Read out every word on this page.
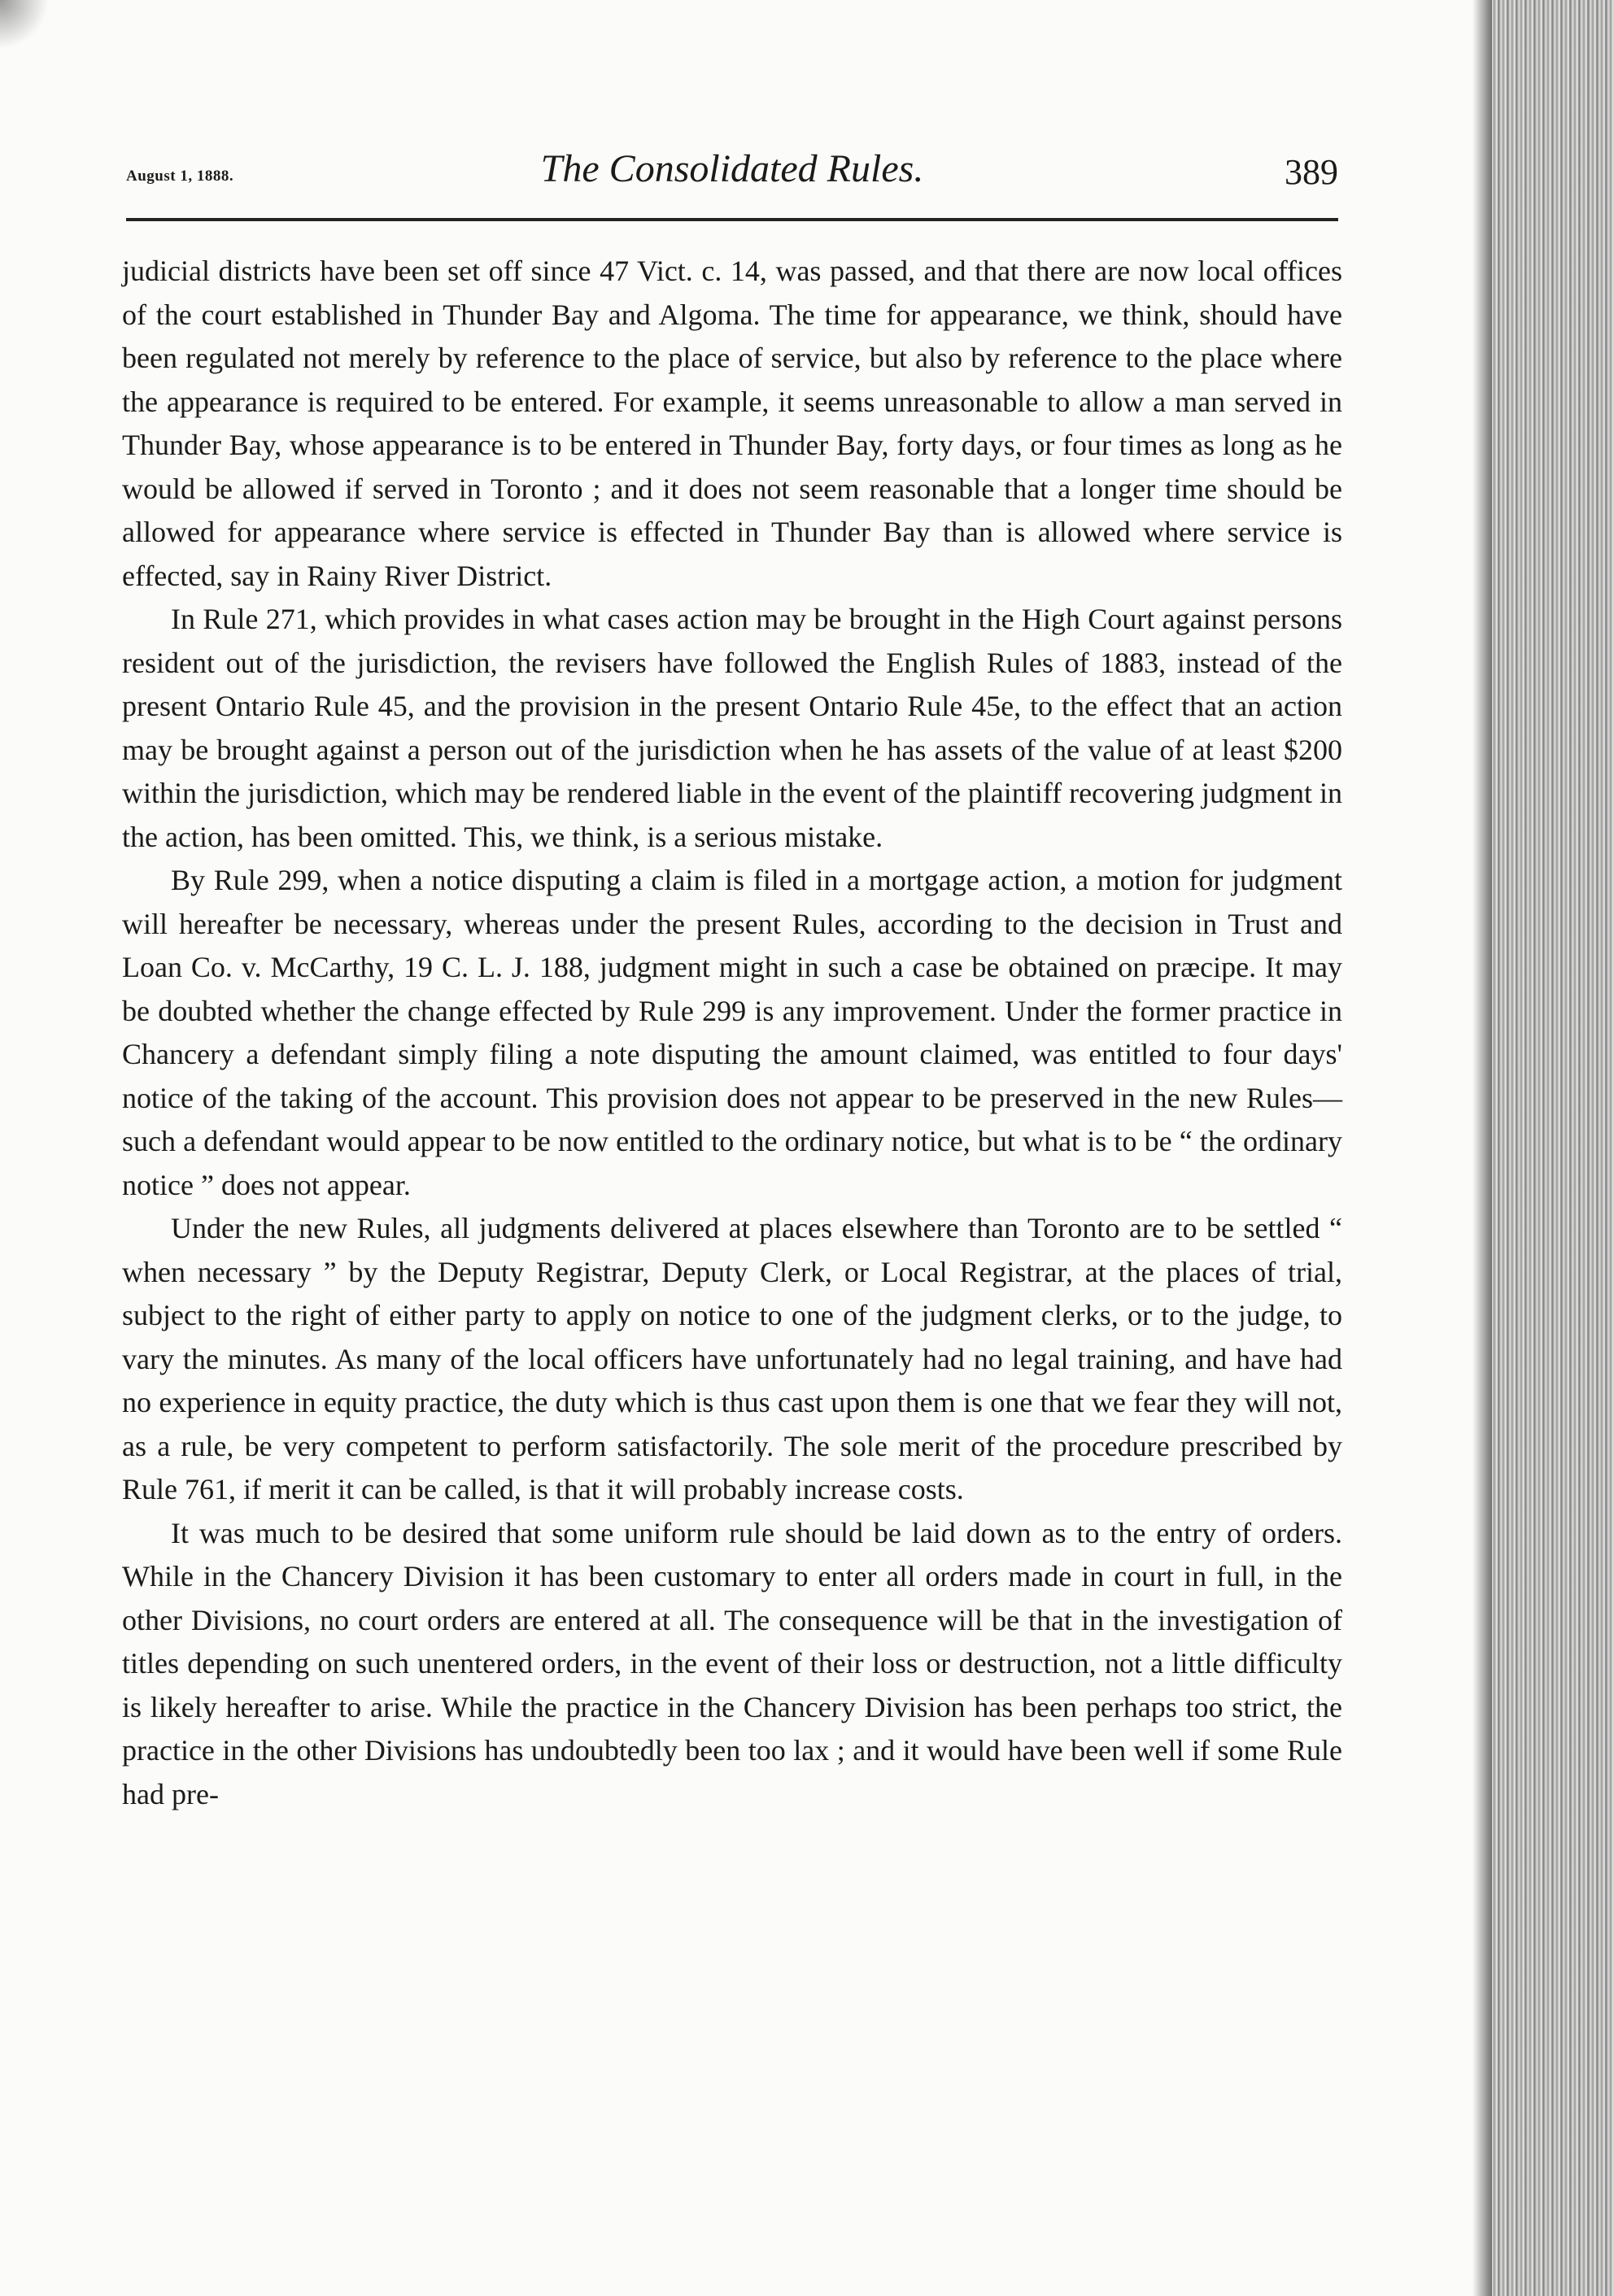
August 1, 1888.	The Consolidated Rules.	389

judicial districts have been set off since 47 Vict. c. 14, was passed, and that there are now local offices of the court established in Thunder Bay and Algoma. The time for appearance, we think, should have been regulated not merely by reference to the place of service, but also by reference to the place where the appearance is required to be entered. For example, it seems unreasonable to allow a man served in Thunder Bay, whose appearance is to be entered in Thunder Bay, forty days, or four times as long as he would be allowed if served in Toronto ; and it does not seem reasonable that a longer time should be allowed for appearance where service is effected in Thunder Bay than is allowed where service is effected, say in Rainy River District.

In Rule 271, which provides in what cases action may be brought in the High Court against persons resident out of the jurisdiction, the revisers have followed the English Rules of 1883, instead of the present Ontario Rule 45, and the provision in the present Ontario Rule 45e, to the effect that an action may be brought against a person out of the jurisdiction when he has assets of the value of at least $200 within the jurisdiction, which may be rendered liable in the event of the plaintiff recovering judgment in the action, has been omitted. This, we think, is a serious mistake.

By Rule 299, when a notice disputing a claim is filed in a mortgage action, a motion for judgment will hereafter be necessary, whereas under the present Rules, according to the decision in Trust and Loan Co. v. McCarthy, 19 C. L. J. 188, judgment might in such a case be obtained on præcipe. It may be doubted whether the change effected by Rule 299 is any improvement. Under the former practice in Chancery a defendant simply filing a note disputing the amount claimed, was entitled to four days' notice of the taking of the account. This provision does not appear to be preserved in the new Rules—such a defendant would appear to be now entitled to the ordinary notice, but what is to be “ the ordinary notice ” does not appear.

Under the new Rules, all judgments delivered at places elsewhere than Toronto are to be settled “ when necessary ” by the Deputy Registrar, Deputy Clerk, or Local Registrar, at the places of trial, subject to the right of either party to apply on notice to one of the judgment clerks, or to the judge, to vary the minutes. As many of the local officers have unfortunately had no legal training, and have had no experience in equity practice, the duty which is thus cast upon them is one that we fear they will not, as a rule, be very competent to perform satisfactorily. The sole merit of the procedure prescribed by Rule 761, if merit it can be called, is that it will probably increase costs.

It was much to be desired that some uniform rule should be laid down as to the entry of orders. While in the Chancery Division it has been customary to enter all orders made in court in full, in the other Divisions, no court orders are entered at all. The consequence will be that in the investigation of titles depending on such unentered orders, in the event of their loss or destruction, not a little difficulty is likely hereafter to arise. While the practice in the Chancery Division has been perhaps too strict, the practice in the other Divisions has undoubtedly been too lax ; and it would have been well if some Rule had pre-
